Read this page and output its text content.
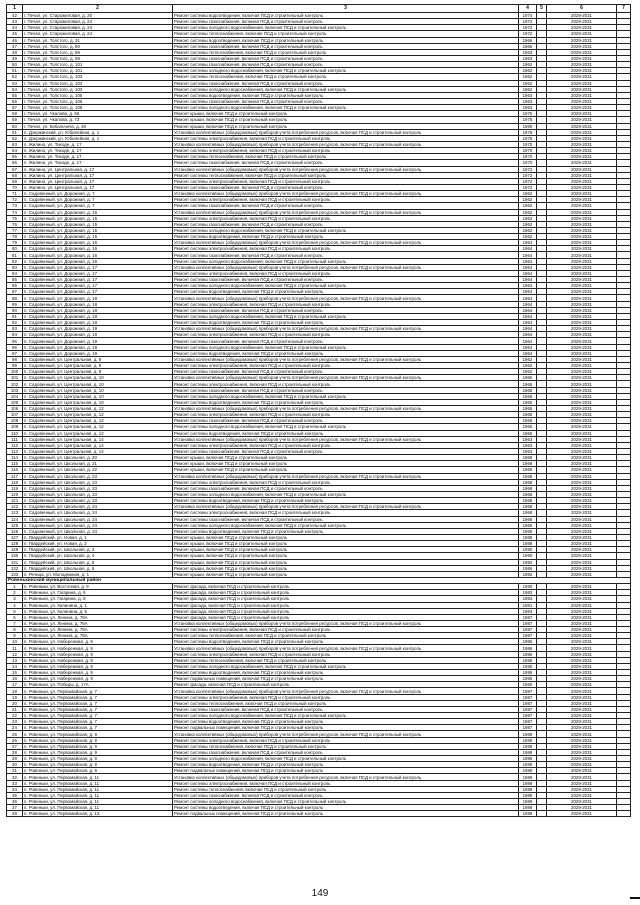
1	2	3	4	5	6	7
42	г. Печал, ул. Старожиловая, д. 20	Ремонт системы водоотведения, включая ПСД и строительный контроль	1974		2029-2031	
43	г. Печал, ул. Старожиловая, д. 24	Ремонт системы газоснабжения, включая ПСД и строительный контроль	1972		2029-2031	
44	г. Печал, ул. Старожиловая, д. 24	Ремонт системы холодного водоснабжения, включая ПСД и строительный контроль	1972		2029-2031	
45	г. Печал, ул. Старожиловая, д. 24	Ремонт системы теплоснабжения, включая ПСД и строительный контроль	1972		2029-2031	
46	г. Печал, ул. Толстого, д. 31	Ремонт системы водоотведения, включая ПСД и строительный контроль	1966		2029-2031	
47	г. Печал, ул. Толстого, д. 90	Ремонт системы газоснабжения, включая ПСД и строительный контроль	1966		2029-2031	
48	г. Печал, ул. Толстого, д. 99	Ремонт системы теплоснабжения, включая ПСД и строительный контроль	1963		2029-2031	
49	г. Печал, ул. Толстого, д. 99	Ремонт системы газоснабжения, включая ПСД и строительный контроль	1963		2029-2031	
50	г. Печал, ул. Толстого, д. 101	Ремонт системы газоснабжения, включая ПСД и строительный контроль	1962		2029-2031	
51	г. Печал, ул. Толстого, д. 101	Ремонт системы холодного водоснабжения, включая ПСД и строительный контроль	1962		2029-2031	
52	г. Печал, ул. Толстого, д. 103	Ремонт системы теплоснабжения, включая ПСД и строительный контроль	1962		2029-2031	
53	г. Печал, ул. Толстого, д. 103	Ремонт системы газоснабжения, включая ПСД и строительный контроль	1962		2029-2031	
54	г. Печал, ул. Толстого, д. 103	Ремонт системы холодного водоснабжения, включая ПСД и строительный контроль	1962		2029-2031	
55	г. Печал, ул. Толстого, д. 105	Ремонт системы водоотведения, включая ПСД и строительный контроль	1963		2029-2031	
56	г. Печал, ул. Толстого, д. 106	Ремонт системы газоснабжения, включая ПСД и строительный контроль	1963		2029-2031	
57	г. Печал, ул. Толстого, д. 109	Ремонт системы холодного водоснабжения, включая ПСД и строительный контроль	1963		2029-2031	
58	г. Печал, ул. Чкалова, д. 66	Ремонт крыши, включая ПСД и строительный контроль	1975		2029-2031	
59	г. Печал, ул. Чкалова, д. 73	Ремонт крыши, включая ПСД и строительный контроль	1975		2029-2031	
60	г. Печал, ул. Кибальчича, д. 48	Ремонт крыши, включая ПСД и строительный контроль	1980		2029-2031	
61	п. Дзержинский, ул. Юбилейная, д. 1	Установка коллективных (общедомовых) приборов учета потребления ресурсов, включая ПСД и строительный контроль	1978		2029-2031	
62	п. Дзержинский, ул. Юбилейная, д. 1	Ремонт системы электроснабжения, включая ПСД и строительный контроль	1978		2029-2031	
63	п. Жилино, ул. Тиходе, д. 17	Установка коллективных (общедомовых) приборов учета потребления ресурсов, включая ПСД и строительный контроль	1970		2029-2031	
64	п. Жилино, ул. Тиходе, д. 17	Ремонт системы электроснабжения, включая ПСД и строительный контроль	1970		2029-2031	
65	п. Жилино, ул. Тиходе, д. 17	Ремонт системы теплоснабжения, включая ПСД и строительный контроль	1970		2029-2031	
66	п. Жилино, ул. Тиходе, д. 17	Ремонт системы газоснабжения, включая ПСД и строительный контроль	1970		2029-2031	
67	п. Жилино, ул. Центральная, д. 17	Установка коллективных (общедомовых) приборов учета потребления ресурсов, включая ПСД и строительный контроль	1972		2029-2031	
68	п. Жилино, ул. Центральная, д. 17	Ремонт системы теплоснабжения, включая ПСД и строительный контроль	1972		2029-2031	
69	п. Жилино, ул. Центральная, д. 17	Ремонт системы электроснабжения, включая ПСД и строительный контроль	1972		2029-2031	
70	п. Жилино, ул. Центральная, д. 17	Ремонт системы газоснабжения, включая ПСД и строительный контроль	1972		2029-2031	
71	п. Садовенный, ул. Дорожная, д. 7	Установка коллективных (общедомовых) приборов учета потребления ресурсов, включая ПСД и строительный контроль	1962		2029-2031	
72	п. Садовенный, ул. Дорожная, д. 7	Ремонт системы электроснабжения, включая ПСД и строительный контроль	1962		2029-2031	
73	п. Садовенный, ул. Дорожная, д. 7	Ремонт системы газоснабжения, включая ПСД и строительный контроль	1962		2029-2031	
74	п. Садовенный, ул. Дорожная, д. 15	Установка коллективных (общедомовых) приборов учета потребления ресурсов, включая ПСД и строительный контроль	1962		2029-2031	
75	п. Садовенный, ул. Дорожная, д. 15	Ремонт системы электроснабжения, включая ПСД и строительный контроль	1962		2029-2031	
76	п. Садовенный, ул. Дорожная, д. 15	Ремонт системы газоснабжения, включая ПСД и строительный контроль	1962		2029-2031	
77	п. Садовенный, ул. Дорожная, д. 15	Ремонт системы холодного водоснабжения, включая ПСД и строительный контроль	1962		2029-2031	
78	п. Садовенный, ул. Дорожная, д. 15	Ремонт системы водоотведения, включая ПСД и строительный контроль	1962		2029-2031	
79	п. Садовенный, ул. Дорожная, д. 16	Установка коллективных (общедомовых) приборов учета потребления ресурсов, включая ПСД и строительный контроль	1964		2029-2031	
80	п. Садовенный, ул. Дорожная, д. 16	Ремонт системы электроснабжения, включая ПСД и строительный контроль	1964		2029-2031	
81	п. Садовенный, ул. Дорожная, д. 16	Ремонт системы газоснабжения, включая ПСД и строительный контроль	1964		2029-2031	
82	п. Садовенный, ул. Дорожная, д. 16	Ремонт системы холодного водоснабжения, включая ПСД и строительный контроль	1964		2029-2031	
83	п. Садовенный, ул. Дорожная, д. 17	Установка коллективных (общедомовых) приборов учета потребления ресурсов, включая ПСД и строительный контроль	1964		2029-2031	
84	п. Садовенный, ул. Дорожная, д. 17	Ремонт системы электроснабжения, включая ПСД и строительный контроль	1964		2029-2031	
85	п. Садовенный, ул. Дорожная, д. 17	Ремонт системы газоснабжения, включая ПСД и строительный контроль	1964		2029-2031	
86	п. Садовенный, ул. Дорожная, д. 17	Ремонт системы холодного водоснабжения, включая ПСД и строительный контроль	1964		2029-2031	
87	п. Садовенный, ул. Дорожная, д. 17	Ремонт системы водоотведения, включая ПСД и строительный контроль	1964		2029-2031	
88	п. Садовенный, ул. Дорожная, д. 18	Установка коллективных (общедомовых) приборов учета потребления ресурсов, включая ПСД и строительный контроль	1964		2029-2031	
89	п. Садовенный, ул. Дорожная, д. 18	Ремонт системы электроснабжения, включая ПСД и строительный контроль	1964		2029-2031	
90	п. Садовенный, ул. Дорожная, д. 18	Ремонт системы газоснабжения, включая ПСД и строительный контроль	1964		2029-2031	
91	п. Садовенный, ул. Дорожная, д. 18	Ремонт системы холодного водоснабжения, включая ПСД и строительный контроль	1964		2029-2031	
92	п. Садовенный, ул. Дорожная, д. 18	Ремонт системы водоотведения, включая ПСД и строительный контроль	1964		2029-2031	
93	п. Садовенный, ул. Дорожная, д. 19	Установка коллективных (общедомовых) приборов учета потребления ресурсов, включая ПСД и строительный контроль	1964		2029-2031	
94	п. Садовенный, ул. Дорожная, д. 19	Ремонт системы электроснабжения, включая ПСД и строительный контроль	1964		2029-2031	
95	п. Садовенный, ул. Дорожная, д. 19	Ремонт системы газоснабжения, включая ПСД и строительный контроль	1964		2029-2031	
96	п. Садовенный, ул. Дорожная, д. 19	Ремонт системы холодного водоснабжения, включая ПСД и строительный контроль	1964		2029-2031	
97	п. Садовенный, ул. Дорожная, д. 19	Ремонт системы водоотведения, включая ПСД и строительный контроль	1964		2029-2031	
98	п. Садовенный, ул. Центральная, д. 8	Установка коллективных (общедомовых) приборов учета потребления ресурсов, включая ПСД и строительный контроль	1962		2029-2031	
99	п. Садовенный, ул. Центральная, д. 8	Ремонт системы электроснабжения, включая ПСД и строительный контроль	1962		2029-2031	
100	п. Садовенный, ул. Центральная, д. 8	Ремонт системы газоснабжения, включая ПСД и строительный контроль	1962		2029-2031	
101	п. Садовенный, ул. Центральная, д. 10	Установка коллективных (общедомовых) приборов учета потребления ресурсов, включая ПСД и строительный контроль	1965		2029-2031	
102	п. Садовенный, ул. Центральная, д. 10	Ремонт системы электроснабжения, включая ПСД и строительный контроль	1965		2029-2031	
103	п. Садовенный, ул. Центральная, д. 10	Ремонт системы газоснабжения, включая ПСД и строительный контроль	1965		2029-2031	
104	п. Садовенный, ул. Центральная, д. 10	Ремонт системы холодного водоснабжения, включая ПСД и строительный контроль	1965		2029-2031	
105	п. Садовенный, ул. Центральная, д. 10	Ремонт системы водоотведения, включая ПСД и строительный контроль	1965		2029-2031	
106	п. Садовенный, ул. Центральная, д. 12	Установка коллективных (общедомовых) приборов учета потребления ресурсов, включая ПСД и строительный контроль	1965		2029-2031	
107	п. Садовенный, ул. Центральная, д. 12	Ремонт системы электроснабжения, включая ПСД и строительный контроль	1965		2029-2031	
108	п. Садовенный, ул. Центральная, д. 12	Ремонт системы газоснабжения, включая ПСД и строительный контроль	1965		2029-2031	
109	п. Садовенный, ул. Центральная, д. 12	Ремонт системы холодного водоснабжения, включая ПСД и строительный контроль	1965		2029-2031	
110	п. Садовенный, ул. Центральная, д. 12	Ремонт системы водоотведения, включая ПСД и строительный контроль	1965		2029-2031	
111	п. Садовенный, ул. Центральная, д. 14	Установка коллективных (общедомовых) приборов учета потребления ресурсов, включая ПСД и строительный контроль	1963		2029-2031	
112	п. Садовенный, ул. Центральная, д. 14	Ремонт системы электроснабжения, включая ПСД и строительный контроль	1963		2029-2031	
113	п. Садовенный, ул. Центральная, д. 14	Ремонт системы газоснабжения, включая ПСД и строительный контроль	1963		2029-2031	
114	п. Садовенный, ул. Школьная, д. 20	Ремонт крыши, включая ПСД и строительный контроль	1968		2029-2031	
115	п. Садовенный, ул. Школьная, д. 21	Ремонт крыши, включая ПСД и строительный контроль	1968		2029-2031	
116	п. Садовенный, ул. Школьная, д. 22	Ремонт крыши, включая ПСД и строительный контроль	1968		2029-2031	
117	п. Садовенный, ул. Школьная, д. 23	Установка коллективных (общедомовых) приборов учета потребления ресурсов, включая ПСД и строительный контроль	1968		2029-2031	
118	п. Садовенный, ул. Школьная, д. 23	Ремонт системы электроснабжения, включая ПСД и строительный контроль	1968		2029-2031	
119	п. Садовенный, ул. Школьная, д. 23	Ремонт системы газоснабжения, включая ПСД и строительный контроль	1968		2029-2031	
120	п. Садовенный, ул. Школьная, д. 23	Ремонт системы холодного водоснабжения, включая ПСД и строительный контроль	1968		2029-2031	
121	п. Садовенный, ул. Школьная, д. 23	Ремонт системы водоотведения, включая ПСД и строительный контроль	1968		2029-2031	
122	п. Садовенный, ул. Школьная, д. 24	Установка коллективных (общедомовых) приборов учета потребления ресурсов, включая ПСД и строительный контроль	1968		2029-2031	
123	п. Садовенный, ул. Школьная, д. 24	Ремонт системы электроснабжения, включая ПСД и строительный контроль	1968		2029-2031	
124	п. Садовенный, ул. Школьная, д. 24	Ремонт системы газоснабжения, включая ПСД и строительный контроль	1968		2029-2031	
125	п. Садовенный, ул. Школьная, д. 24	Ремонт системы холодного водоснабжения, включая ПСД и строительный контроль	1968		2029-2031	
126	п. Садовенный, ул. Школьная, д. 24	Ремонт системы водоотведения, включая ПСД и строительный контроль	1968		2029-2031	
127	п. Гвардейский, ул. Новая, д. 1	Ремонт крыши, включая ПСД и строительный контроль	1988		2029-2031	
128	п. Гвардейский, ул. Новая, д. 2	Ремонт крыши, включая ПСД и строительный контроль	1988		2029-2031	
129	п. Гвардейский, ул. Школьная, д. 3	Ремонт крыши, включая ПСД и строительный контроль	1990		2029-2031	
130	п. Гвардейский, ул. Школьная, д. 4	Ремонт крыши, включая ПСД и строительный контроль	1990		2029-2031	
131	п. Гвардейский, ул. Школьная, д. 5	Ремонт крыши, включая ПСД и строительный контроль	1992		2029-2031	
132	п. Гвардейский, ул. Школьная, д. 6	Ремонт крыши, включая ПСД и строительный контроль	1986		2029-2031	
133	п. Речица, ул. Молодежная, д. 1	Ремонт крыши, включая ПСД и строительный контроль	1982		2029-2031	
Ровенькинский муниципальный район						
1	п. Ровеньки, ул. Восточная, д. 9	Ремонт фасада, включая ПСД и строительный контроль	1980		2029-2031	
2	п. Ровеньки, ул. Гагарина, д. 6	Ремонт фасада, включая ПСД и строительный контроль	1982		2029-2031	
3	п. Ровеньки, ул. Гагарина, д. 8	Ремонт фасада, включая ПСД и строительный контроль	1983		2029-2031	
4	п. Ровеньки, ул. Калинина, д. 1	Ремонт фасада, включая ПСД и строительный контроль	1981		2029-2031	
5	п. Ровеньки, ул. Калинина, д. 5	Ремонт фасада, включая ПСД и строительный контроль	1984		2029-2031	
6	п. Ровеньки, ул. Ленина, д. 78А	Ремонт фасада, включая ПСД и строительный контроль	1987		2029-2031	
7	п. Ровеньки, ул. Ленина, д. 78А	Установка коллективных (общедомовых) приборов учета потребления ресурсов, включая ПСД и строительный контроль	1987		2029-2031	
8	п. Ровеньки, ул. Ленина, д. 78А	Ремонт системы электроснабжения, включая ПСД и строительный контроль	1987		2029-2031	
9	п. Ровеньки, ул. Ленина, д. 78А	Ремонт системы теплоснабжения, включая ПСД и строительный контроль	1987		2029-2031	
10	п. Ровеньки, ул. Набережная, д. 9	Ремонт системы водоотведения, включая ПСД и строительный контроль	1986		2029-2031	
11	п. Ровеньки, ул. Набережная, д. 9	Установка коллективных (общедомовых) приборов учета потребления ресурсов, включая ПСД и строительный контроль	1986		2029-2031	
12	п. Ровеньки, ул. Набережная, д. 9	Ремонт системы электроснабжения, включая ПСД и строительный контроль	1986		2029-2031	
13	п. Ровеньки, ул. Набережная, д. 9	Ремонт системы теплоснабжения, включая ПСД и строительный контроль	1986		2029-2031	
14	п. Ровеньки, ул. Набережная, д. 9	Ремонт системы холодного водоснабжения, включая ПСД и строительный контроль	1995		2029-2031	
15	п. Ровеньки, ул. Набережная, д. 9	Ремонт системы водоотведения, включая ПСД и строительный контроль	1995		2029-2031	
16	п. Ровеньки, ул. Набережная, д. 9	Ремонт подвальных помещений, включая ПСД и строительный контроль	1995		2029-2031	
17	п. Ровеньки, ул. Победы, д. 17А	Ремонт фасада, включая ПСД и строительный контроль	1960		2029-2031	
18	п. Ровеньки, ул. Первомайская, д. 7	Установка коллективных (общедомовых) приборов учета потребления ресурсов, включая ПСД и строительный контроль	1987		2029-2031	
19	п. Ровеньки, ул. Первомайская, д. 7	Ремонт системы электроснабжения, включая ПСД и строительный контроль	1987		2029-2031	
20	п. Ровеньки, ул. Первомайская, д. 7	Ремонт системы теплоснабжения, включая ПСД и строительный контроль	1987		2029-2031	
21	п. Ровеньки, ул. Первомайская, д. 7	Ремонт системы газоснабжения, включая ПСД и строительный контроль	1987		2029-2031	
22	п. Ровеньки, ул. Первомайская, д. 7	Ремонт системы холодного водоснабжения, включая ПСД и строительный контроль	1987		2029-2031	
23	п. Ровеньки, ул. Первомайская, д. 7	Ремонт системы водоотведения, включая ПСД и строительный контроль	1987		2029-2031	
24	п. Ровеньки, ул. Первомайская, д. 7	Ремонт подвальных помещений, включая ПСД и строительный контроль	1987		2029-2031	
25	п. Ровеньки, ул. Первомайская, д. 9	Установка коллективных (общедомовых) приборов учета потребления ресурсов, включая ПСД и строительный контроль	1989		2029-2031	
26	п. Ровеньки, ул. Первомайская, д. 9	Ремонт системы электроснабжения, включая ПСД и строительный контроль	1989		2029-2031	
27	п. Ровеньки, ул. Первомайская, д. 9	Ремонт системы теплоснабжения, включая ПСД и строительный контроль	1989		2029-2031	
28	п. Ровеньки, ул. Первомайская, д. 9	Ремонт системы газоснабжения, включая ПСД и строительный контроль	1989		2029-2031	
29	п. Ровеньки, ул. Первомайская, д. 9	Ремонт системы холодного водоснабжения, включая ПСД и строительный контроль	1989		2029-2031	
30	п. Ровеньки, ул. Первомайская, д. 9	Ремонт системы водоотведения, включая ПСД и строительный контроль	1989		2029-2031	
31	п. Ровеньки, ул. Первомайская, д. 9	Ремонт подвальных помещений, включая ПСД и строительный контроль	1989		2029-2031	
32	п. Ровеньки, ул. Первомайская, д. 11	Установка коллективных (общедомовых) приборов учета потребления ресурсов, включая ПСД и строительный контроль	1989		2029-2031	
33	п. Ровеньки, ул. Первомайская, д. 11	Ремонт системы электроснабжения, включая ПСД и строительный контроль	1989		2029-2031	
34	п. Ровеньки, ул. Первомайская, д. 11	Ремонт системы теплоснабжения, включая ПСД и строительный контроль	1989		2029-2031	
35	п. Ровеньки, ул. Первомайская, д. 11	Ремонт системы газоснабжения, включая ПСД и строительный контроль	1989		2029-2031	
36	п. Ровеньки, ул. Первомайская, д. 11	Ремонт системы холодного водоснабжения, включая ПСД и строительный контроль	1989		2029-2031	
37	п. Ровеньки, ул. Первомайская, д. 11	Ремонт системы водоотведения, включая ПСД и строительный контроль	1989		2029-2031	
38	п. Ровеньки, ул. Первомайская, д. 13	Ремонт подвальных помещений, включая ПСД и строительный контроль	1989		2029-2031	
149
